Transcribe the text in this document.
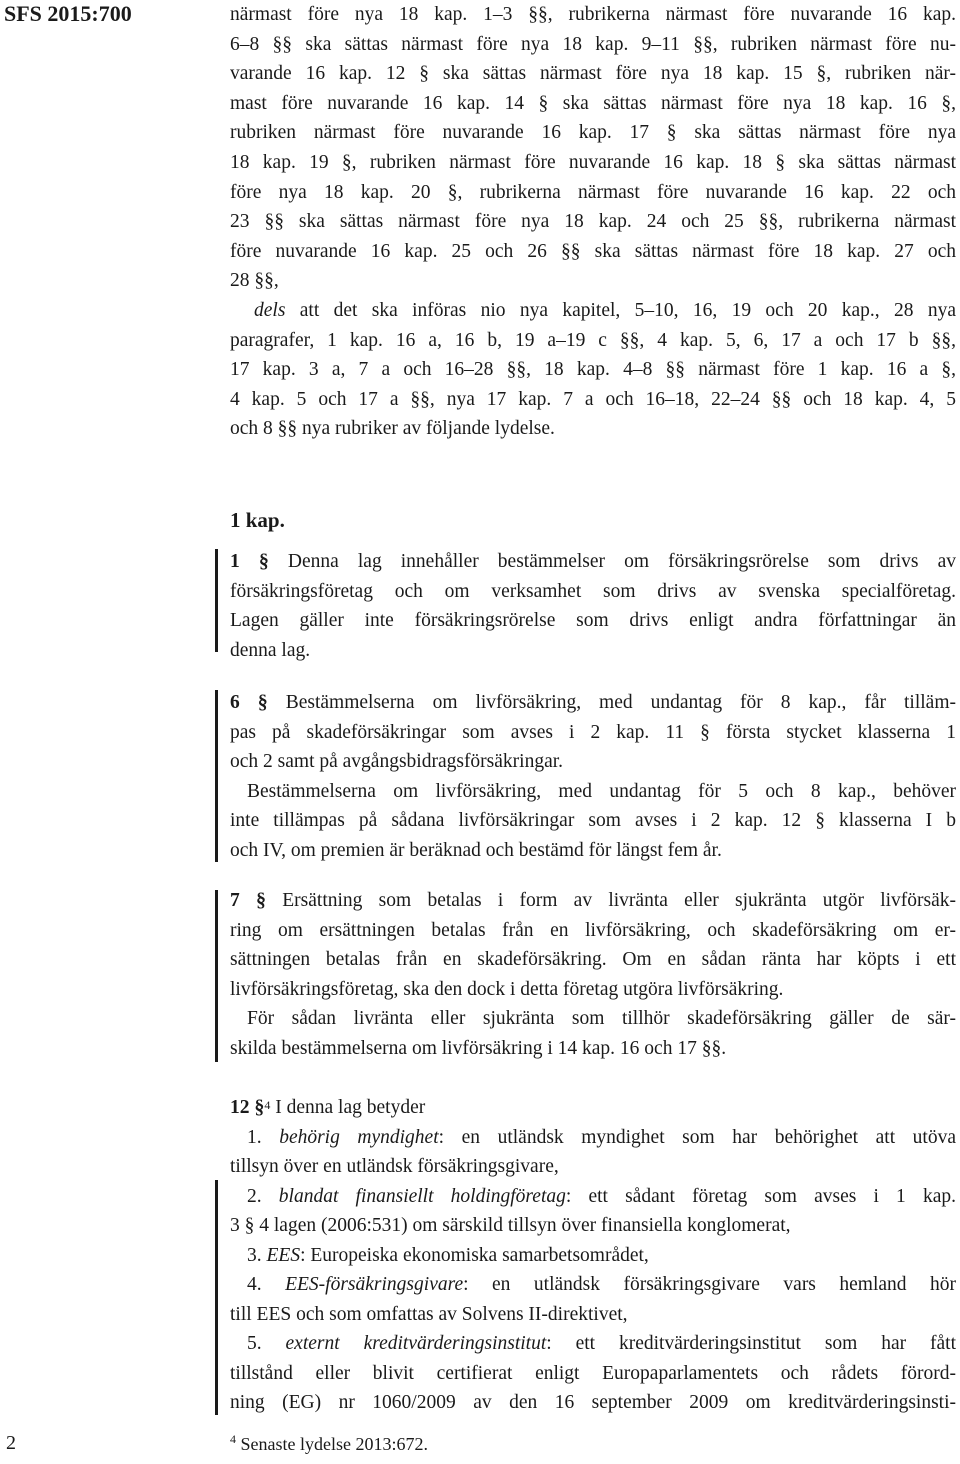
SFS 2015:700
2
närmast före nya 18 kap. 1–3 §§, rubrikerna närmast före nuvarande 16 kap.
6–8 §§ ska sättas närmast före nya 18 kap. 9–11 §§, rubriken närmast före nu-
varande 16 kap. 12 § ska sättas närmast före nya 18 kap. 15 §, rubriken när-
mast före nuvarande 16 kap. 14 § ska sättas närmast före nya 18 kap. 16 §,
rubriken närmast före nuvarande 16 kap. 17 § ska sättas närmast före nya
18 kap. 19 §, rubriken närmast före nuvarande 16 kap. 18 § ska sättas närmast
före nya 18 kap. 20 §, rubrikerna närmast före nuvarande 16 kap. 22 och
23 §§ ska sättas närmast före nya 18 kap. 24 och 25 §§, rubrikerna närmast
före nuvarande 16 kap. 25 och 26 §§ ska sättas närmast före 18 kap. 27 och
28 §§,
dels att det ska införas nio nya kapitel, 5–10, 16, 19 och 20 kap., 28 nya
paragrafer, 1 kap. 16 a, 16 b, 19 a–19 c §§, 4 kap. 5, 6, 17 a och 17 b §§,
17 kap. 3 a, 7 a och 16–28 §§, 18 kap. 4–8 §§ närmast före 1 kap. 16 a §,
4 kap. 5 och 17 a §§, nya 17 kap. 7 a och 16–18, 22–24 §§ och 18 kap. 4, 5
och 8 §§ nya rubriker av följande lydelse.
1 kap.
1 § Denna lag innehåller bestämmelser om försäkringsrörelse som drivs av
försäkringsföretag och om verksamhet som drivs av svenska specialföretag.
Lagen gäller inte försäkringsrörelse som drivs enligt andra författningar än
denna lag.
6 § Bestämmelserna om livförsäkring, med undantag för 8 kap., får tilläm-
pas på skadeförsäkringar som avses i 2 kap. 11 § första stycket klasserna 1
och 2 samt på avgångsbidragsförsäkringar.
Bestämmelserna om livförsäkring, med undantag för 5 och 8 kap., behöver
inte tillämpas på sådana livförsäkringar som avses i 2 kap. 12 § klasserna I b
och IV, om premien är beräknad och bestämd för längst fem år.
7 § Ersättning som betalas i form av livränta eller sjukränta utgör livförsäk-
ring om ersättningen betalas från en livförsäkring, och skadeförsäkring om er-
sättningen betalas från en skadeförsäkring. Om en sådan ränta har köpts i ett
livförsäkringsföretag, ska den dock i detta företag utgöra livförsäkring.
För sådan livränta eller sjukränta som tillhör skadeförsäkring gäller de sär-
skilda bestämmelserna om livförsäkring i 14 kap. 16 och 17 §§.
12 §$^4$ I denna lag betyder
1. behörig myndighet: en utländsk myndighet som har behörighet att utöva
tillsyn över en utländsk försäkringsgivare,
2. blandat finansiellt holdingföretag: ett sådant företag som avses i 1 kap.
3 § 4 lagen (2006:531) om särskild tillsyn över finansiella konglomerat,
3. EES: Europeiska ekonomiska samarbetsområdet,
4. EES-försäkringsgivare: en utländsk försäkringsgivare vars hemland hör
till EES och som omfattas av Solvens II-direktivet,
5. externt kreditvärderingsinstitut: ett kreditvärderingsinstitut som har fått
tillstånd eller blivit certifierat enligt Europaparlamentets och rådets förord-
ning (EG) nr 1060/2009 av den 16 september 2009 om kreditvärderingsinsti-
$^4$ Senaste lydelse 2013:672.
